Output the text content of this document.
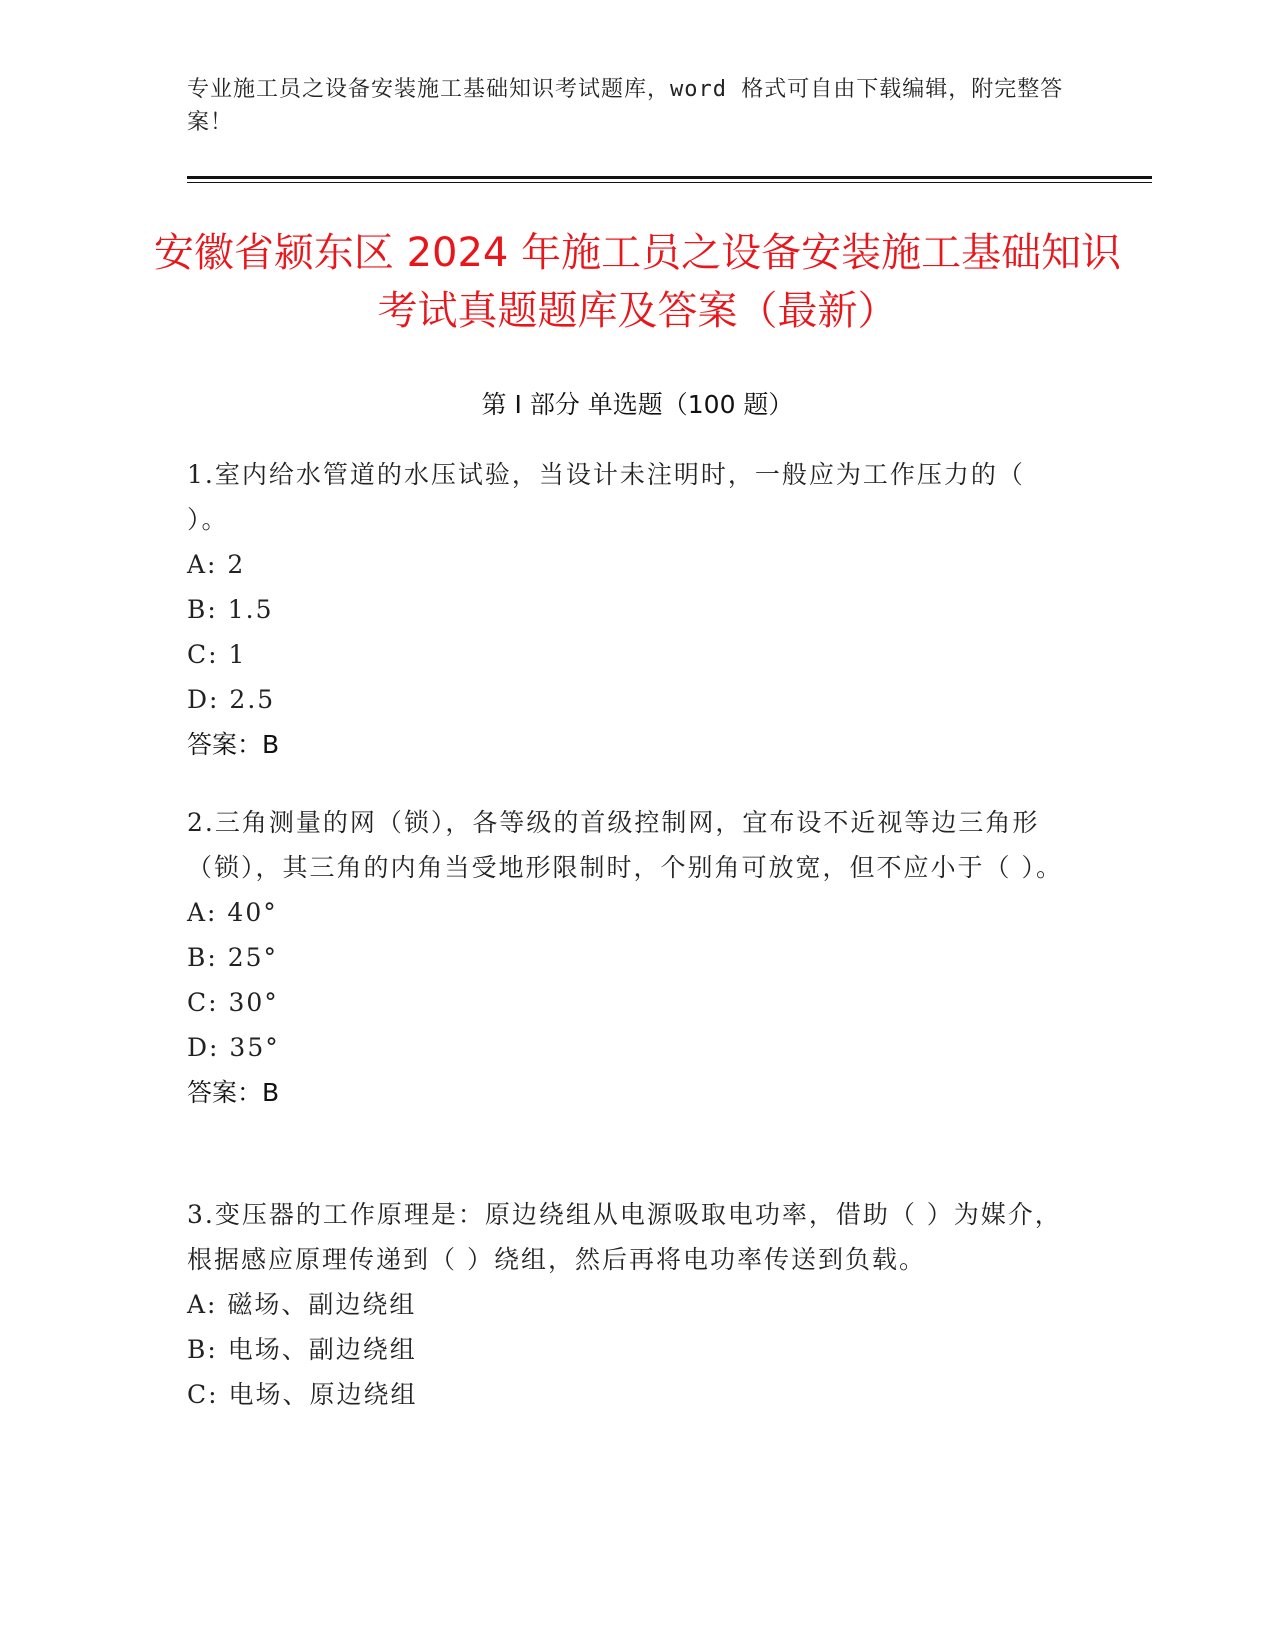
专业施工员之设备安装施工基础知识考试题库，word 格式可自由下载编辑，附完整答案！
安徽省颍东区 2024 年施工员之设备安装施工基础知识考试真题题库及答案（最新）
第 I 部分 单选题（100 题）
1.室内给水管道的水压试验，当设计未注明时，一般应为工作压力的（ ）。
A: 2
B: 1.5
C: 1
D: 2.5
答案：B
2.三角测量的网（锁），各等级的首级控制网，宜布设不近视等边三角形（锁），其三角的内角当受地形限制时，个别角可放宽，但不应小于（ ）。
A: 40°
B: 25°
C: 30°
D: 35°
答案：B
3.变压器的工作原理是：原边绕组从电源吸取电功率，借助（ ）为媒介，根据感应原理传递到（ ）绕组，然后再将电功率传送到负载。
A: 磁场、副边绕组
B: 电场、副边绕组
C: 电场、原边绕组
